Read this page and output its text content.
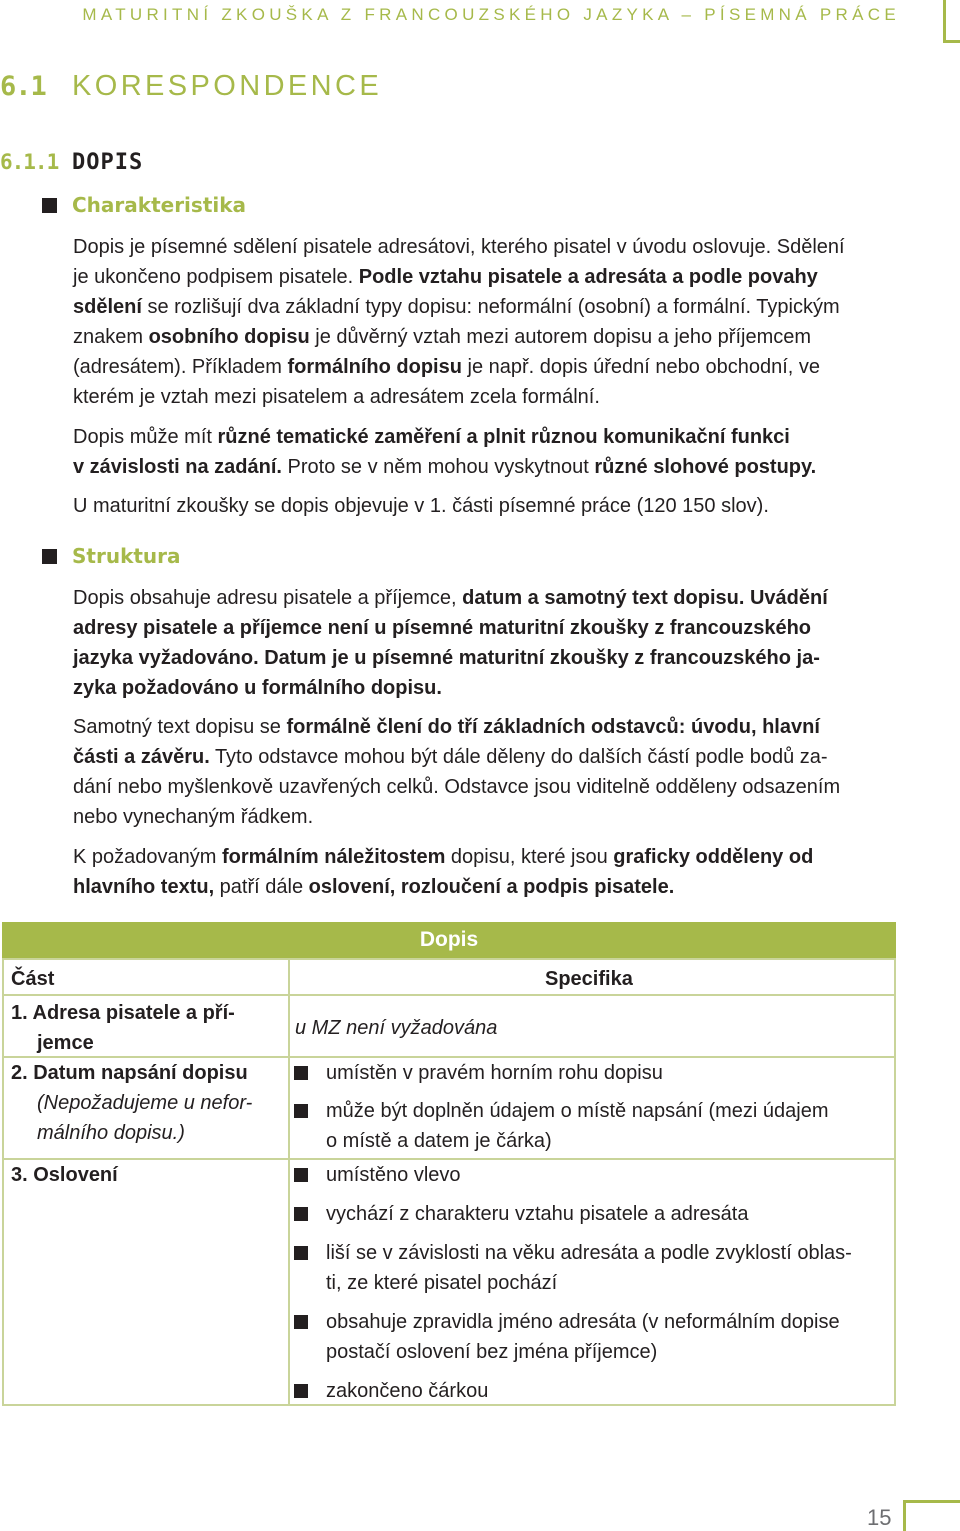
MATURITNÍ ZKOUŠKA Z FRANCOUZSKÉHO JAZYKA – PÍSEMNÁ PRÁCE
6.1 KORESPONDENCE
6.1.1 DOPIS
Charakteristika
Dopis je písemné sdělení pisatele adresátovi, kterého pisatel v úvodu oslovuje. Sdělení
je ukončeno podpisem pisatele. Podle vztahu pisatele a adresáta a podle povahy
sdělení se rozlišují dva základní typy dopisu: neformální (osobní) a formální. Typickým
znakem osobního dopisu je důvěrný vztah mezi autorem dopisu a jeho příjemcem
(adresátem). Příkladem formálního dopisu je např. dopis úřední nebo obchodní, ve
kterém je vztah mezi pisatelem a adresátem zcela formální.
Dopis může mít různé tematické zaměření a plnit různou komunikační funkci
v závislosti na zadání. Proto se v něm mohou vyskytnout různé slohové postupy.
U maturitní zkoušky se dopis objevuje v 1. části písemné práce (120 150 slov).
Struktura
Dopis obsahuje adresu pisatele a příjemce, datum a samotný text dopisu. Uvádění
adresy pisatele a příjemce není u písemné maturitní zkoušky z francouzského
jazyka vyžadováno. Datum je u písemné maturitní zkoušky z francouzského ja-
zyka požadováno u formálního dopisu.
Samotný text dopisu se formálně člení do tří základních odstavců: úvodu, hlavní
části a závěru. Tyto odstavce mohou být dále děleny do dalších částí podle bodů za-
dání nebo myšlenkově uzavřených celků. Odstavce jsou viditelně odděleny odsazením
nebo vynechaným řádkem.
K požadovaným formálním náležitostem dopisu, které jsou graficky odděleny od
hlavního textu, patří dále oslovení, rozloučení a podpis pisatele.
Dopis
Část	Specifika
1. Adresa pisatele a pří-
jemce
u MZ není vyžadována
2. Datum napsání dopisu
(Nepožadujeme u nefor-
málního dopisu.)
umístěn v pravém horním rohu dopisu
může být doplněn údajem o místě napsání (mezi údajem
o místě a datem je čárka)
3. Oslovení	umístěno vlevo
vychází z charakteru vztahu pisatele a adresáta
liší se v závislosti na věku adresáta a podle zvyklostí oblas-
ti, ze které pisatel pochází
obsahuje zpravidla jméno adresáta (v neformálním dopise
postačí oslovení bez jména příjemce)
zakončeno čárkou
15
